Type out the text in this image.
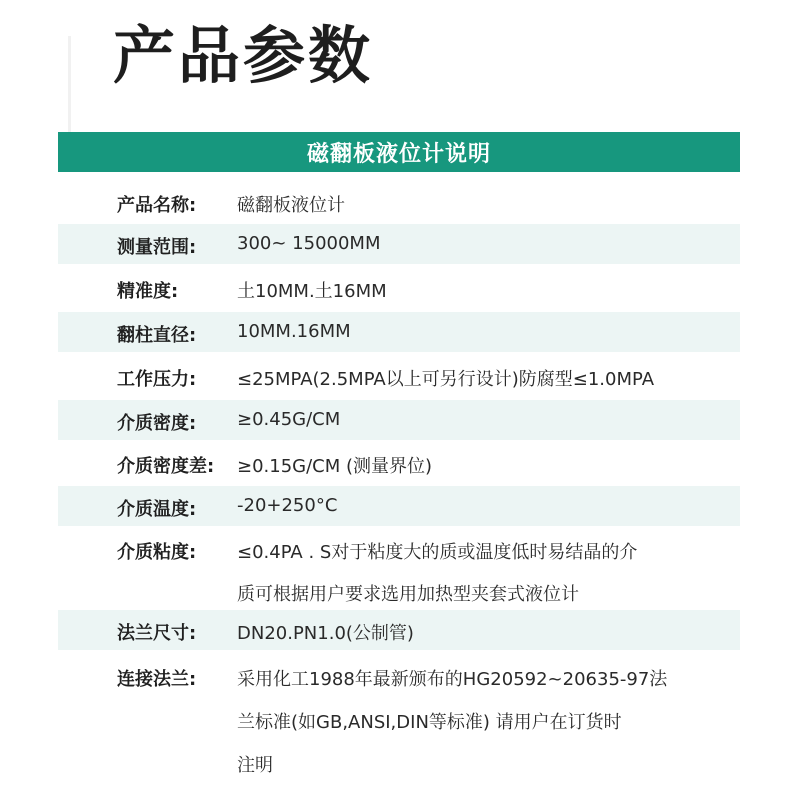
产品参数
磁翻板液位计说明
产品名称: 磁翻板液位计
测量范围: 300~ 15000MM
精准度:	土10MM.土16MM
翻柱直径: 10MM.16MM
工作压力: ≤25MPA(2.5MPA以上可另行设计)防腐型≤1.0MPA
介质密度: ≥0.45G/CM
介质密度差: ≥0.15G/CM (测量界位)
介质温度: -20+250°C
介质粘度: ≤0.4PA . S对于粘度大的质或温度低时易结晶的介
质可根据用户要求选用加热型夹套式液位计
法兰尺寸: DN20.PN1.0(公制管)
连接法兰: 采用化工1988年最新颁布的HG20592~20635-97法
兰标准(如GB,ANSI,DIN等标准) 请用户在订货时
注明
